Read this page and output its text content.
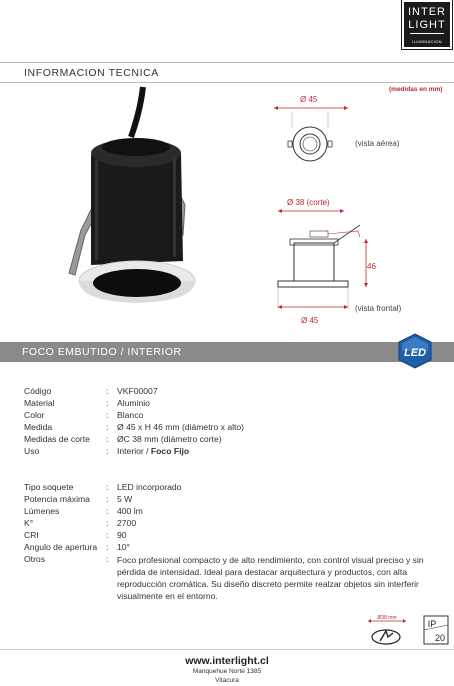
INTER
LIGHT
ILUMINACION
INFORMACION TECNICA
(medidas en mm)
Ø 45
(vista aérea)
Ø 38 (corte)
46
(vista frontal)
Ø 45
FOCO EMBUTIDO / INTERIOR	LED
Código	: VKF00007
Material	: Aluminio
Color	: Blanco
Medida	: Ø 45 x H 46 mm (diámetro x alto)
Medidas de corte	: ØC 38 mm (diámetro corte)
Uso	: Interior / Foco Fijo
Tipo soquete	: LED incorporado
Potencia máxima	: 5 W
Lúmenes	: 400 lm
K°	: 2700
CRI	: 90
Angulo de apertura	: 10°
Otros	: Foco profesional compacto y de alto rendimiento, con control visual preciso y sin pérdida de intensidad. Ideal para destacar arquitectura y productos, con alta reproducción cromática. Su diseño discreto permite realzar objetos sin interferir visualmente en el entorno.
Ø38 mm
IP
20
www.interlight.cl
Manquehue Norte 1385
Vitacura
